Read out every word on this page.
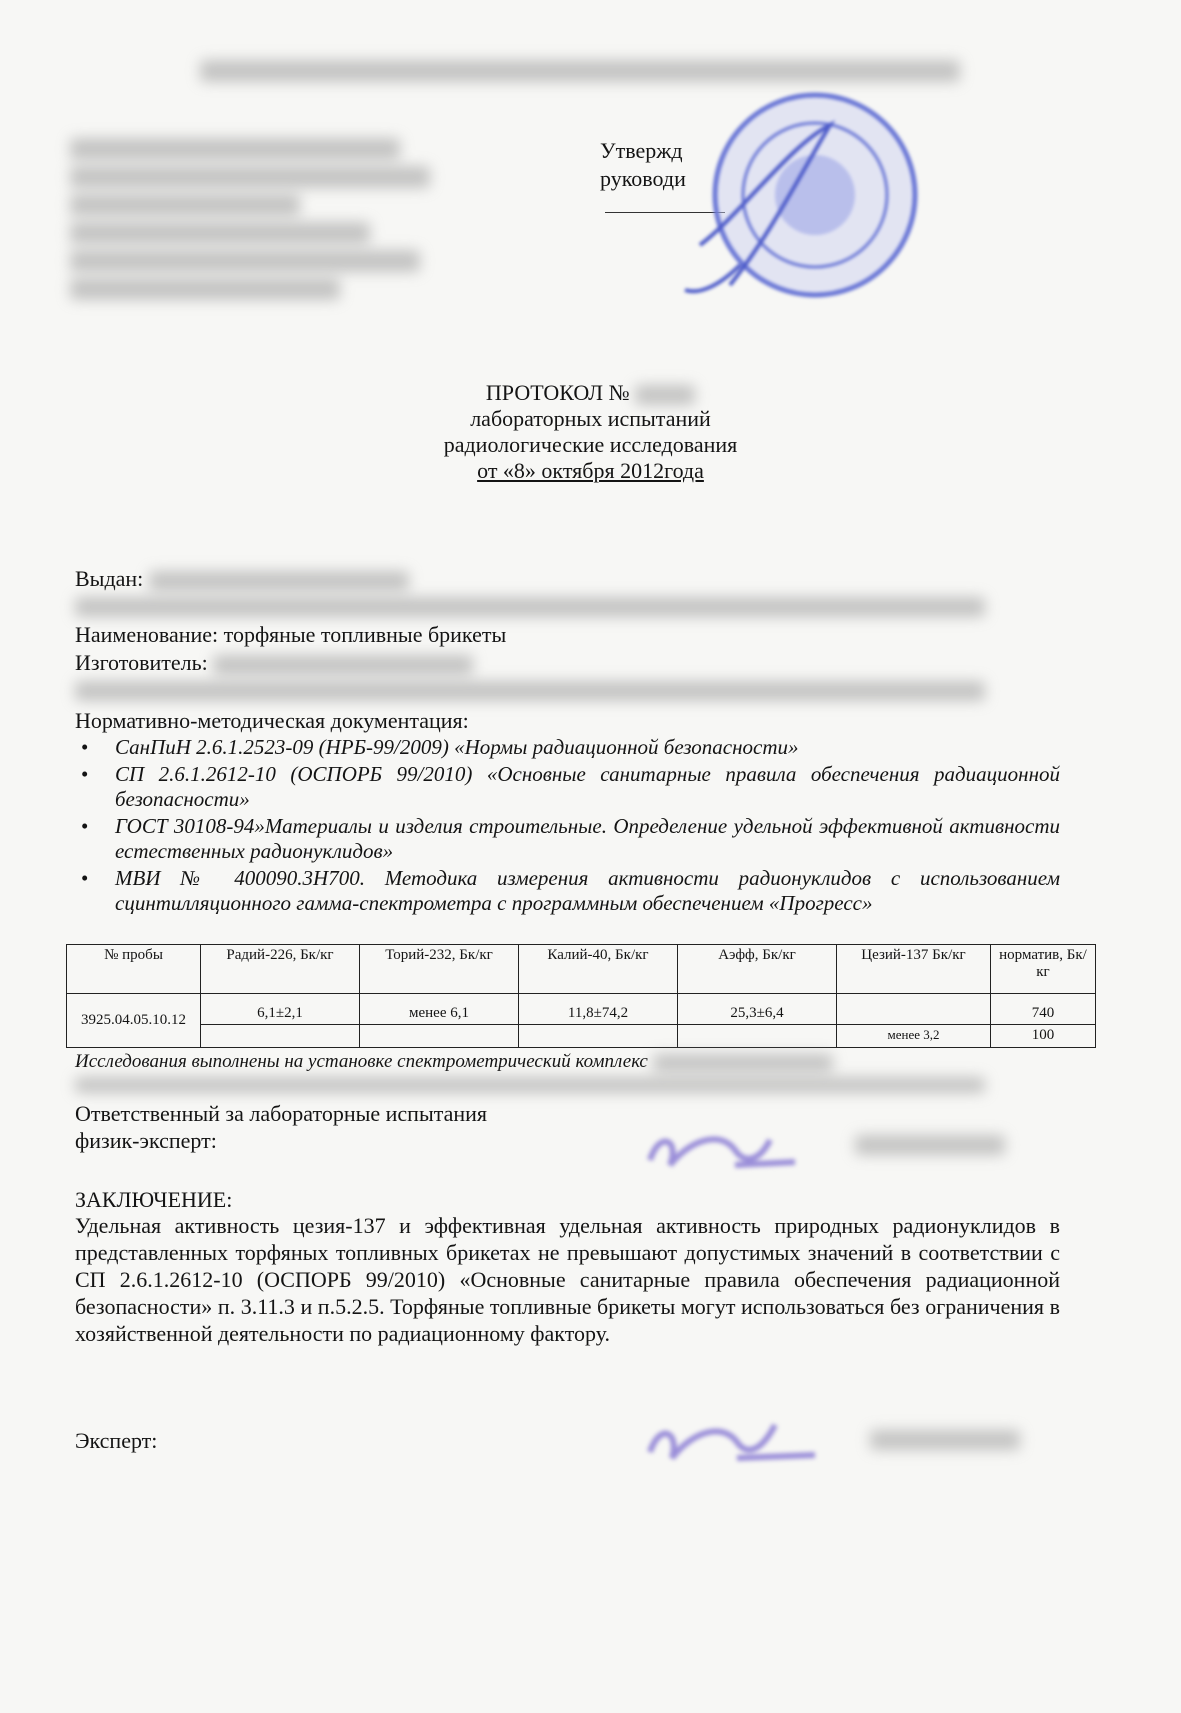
Утвержд
руководи
ПРОТОКОЛ №
лабораторных испытаний
радиологические исследования
от «8» октября 2012года
Выдан:
Наименование: торфяные топливные брикеты
Изготовитель:
Нормативно-методическая документация:
• СанПиН 2.6.1.2523-09 (НРБ-99/2009) «Нормы радиационной безопасности»
• СП 2.6.1.2612-10 (ОСПОРБ 99/2010) «Основные санитарные правила обеспечения радиационной безопасности»
• ГОСТ 30108-94»Материалы и изделия строительные. Определение удельной эффективной активности естественных радионуклидов»
• МВИ № 400090.3Н700. Методика измерения активности радионуклидов с использованием сцинтилляционного гамма-спектрометра с программным обеспечением «Прогресс»
№ пробы	Радий-226, Бк/кг	Торий-232, Бк/кг	Калий-40, Бк/кг	Аэфф, Бк/кг	Цезий-137 Бк/кг	норматив, Бк/кг
3925.04.05.10.12	6,1±2,1	менее 6,1	11,8±74,2	25,3±6,4		740
					менее 3,2	100
Исследования выполнены на установке спектрометрический комплекс
Ответственный за лабораторные испытания
физик-эксперт:
ЗАКЛЮЧЕНИЕ:
Удельная активность цезия-137 и эффективная удельная активность природных радионуклидов в представленных торфяных топливных брикетах не превышают допустимых значений в соответствии с СП 2.6.1.2612-10 (ОСПОРБ 99/2010) «Основные санитарные правила обеспечения радиационной безопасности» п. 3.11.3 и п.5.2.5. Торфяные топливные брикеты могут использоваться без ограничения в хозяйственной деятельности по радиационному фактору.
Эксперт:
